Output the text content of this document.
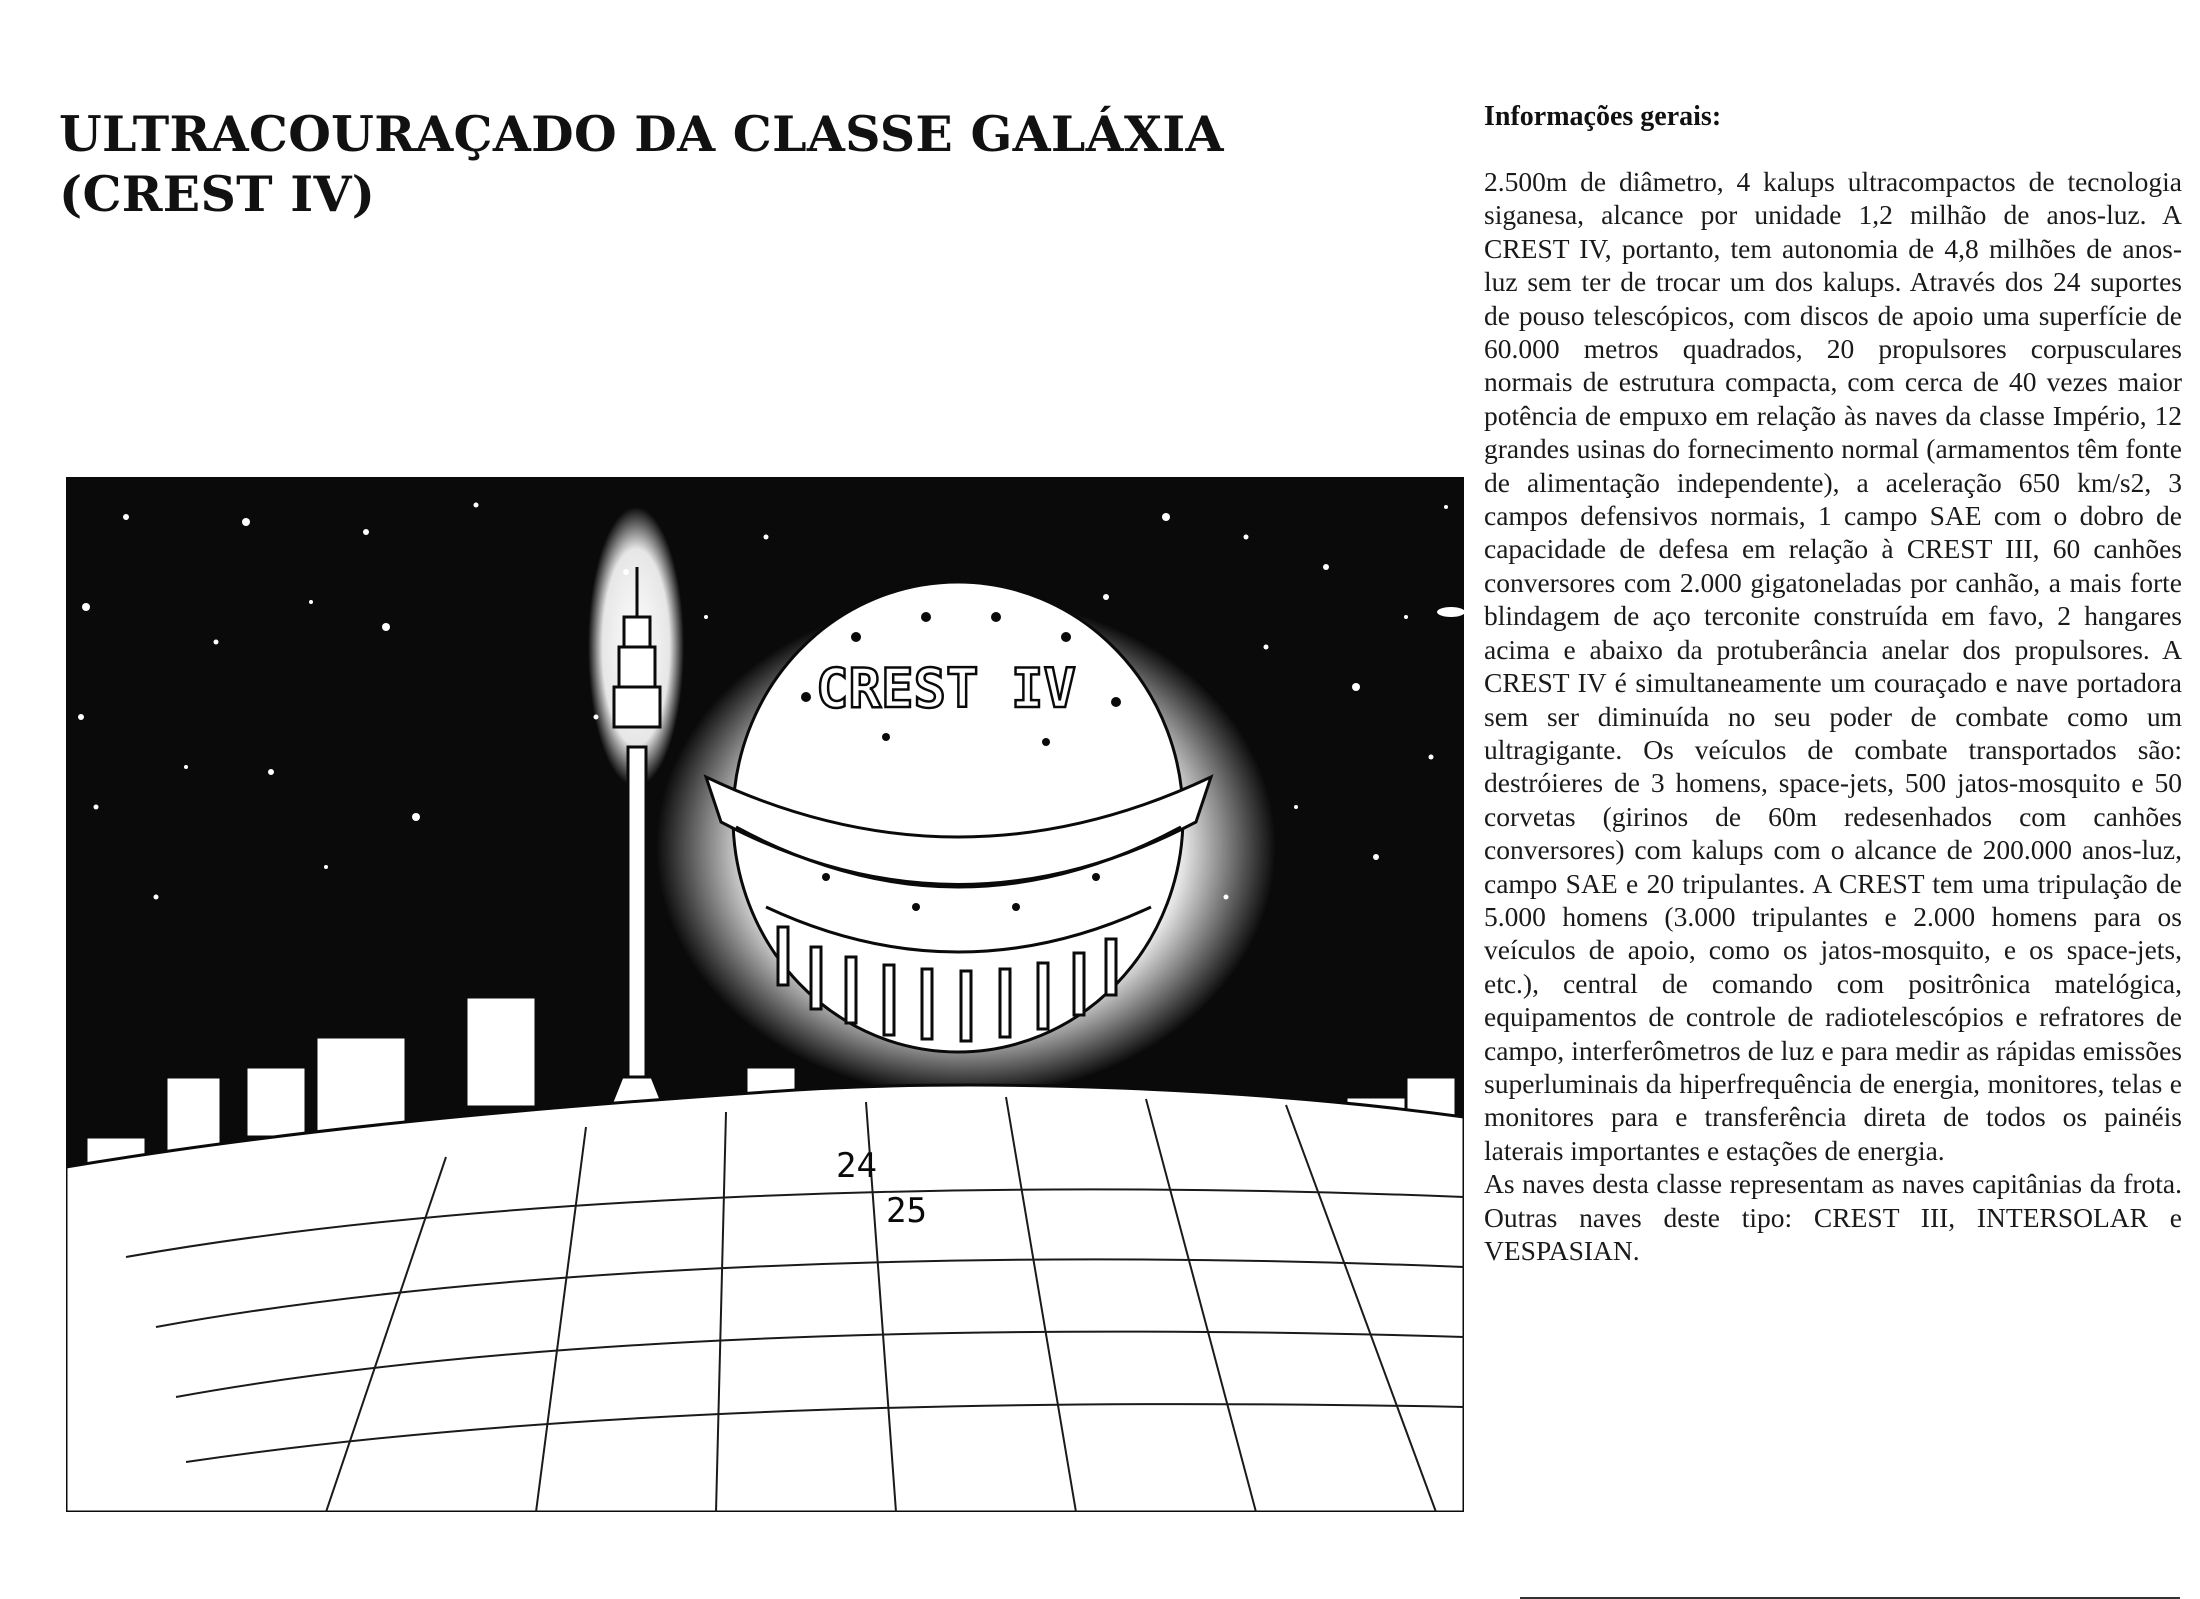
ULTRACOURAÇADO DA CLASSE GALÁXIA
(CREST IV)
CREST IV
24
25
Informações gerais:

2.500m de diâmetro, 4 kalups ultracompactos de tecnologia siganesa, alcance por unidade 1,2 milhão de anos-luz. A CREST IV, portanto, tem autonomia de 4,8 milhões de anos-luz sem ter de trocar um dos kalups. Através dos 24 suportes de pouso telescópicos, com discos de apoio uma superfície de 60.000 metros quadrados, 20 propulsores corpusculares normais de estrutura compacta, com cerca de 40 vezes maior potência de empuxo em relação às naves da classe Império, 12 grandes usinas do fornecimento normal (armamentos têm fonte de alimentação independente), a aceleração 650 km/s2, 3 campos defensivos normais, 1 campo SAE com o dobro de capacidade de defesa em relação à CREST III, 60 canhões conversores com 2.000 gigatoneladas por canhão, a mais forte blindagem de aço terconite construída em favo, 2 hangares acima e abaixo da protuberância anelar dos propulsores. A CREST IV é simultaneamente um couraçado e nave portadora sem ser diminuída no seu poder de combate como um ultragigante. Os veículos de combate transportados são: destróieres de 3 homens, space-jets, 500 jatos-mosquito e 50 corvetas (girinos de 60m redesenhados com canhões conversores) com kalups com o alcance de 200.000 anos-luz, campo SAE e 20 tripulantes. A CREST tem uma tripulação de 5.000 homens (3.000 tripulantes e 2.000 homens para os veículos de apoio, como os jatos-mosquito, e os space-jets, etc.), central de comando com positrônica matelógica, equipamentos de controle de radiotelescópios e refratores de campo, interferômetros de luz e para medir as rápidas emissões superluminais da hiperfrequência de energia, monitores, telas e monitores para e transferência direta de todos os painéis laterais importantes e estações de energia.

As naves desta classe representam as naves capitânias da frota. Outras naves deste tipo: CREST III, INTERSOLAR e VESPASIAN.
